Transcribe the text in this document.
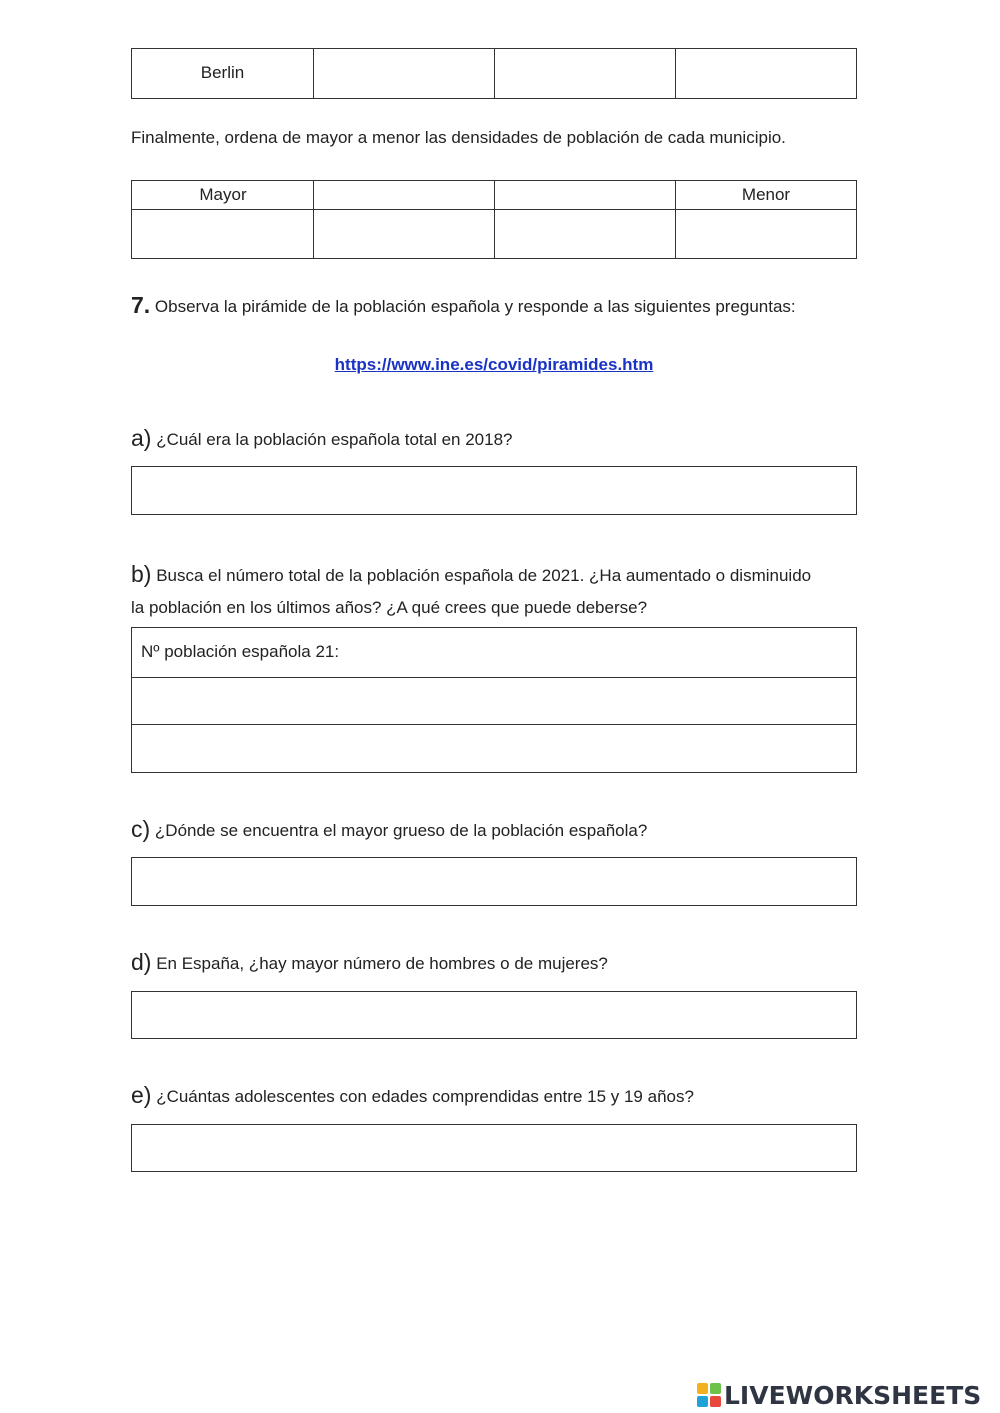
Berlin
Finalmente, ordena de mayor a menor las densidades de población de cada municipio.
Mayor	Menor
7. Observa la pirámide de la población española y responde a las siguientes preguntas:
https://www.ine.es/covid/piramides.htm
a) ¿Cuál era la población española total en 2018?
b) Busca el número total de la población española de 2021. ¿Ha aumentado o disminuido
la población en los últimos años? ¿A qué crees que puede deberse?
Nº población española 21:
c) ¿Dónde se encuentra el mayor grueso de la población española?
d) En España, ¿hay mayor número de hombres o de mujeres?
e) ¿Cuántas adolescentes con edades comprendidas entre 15 y 19 años?
LIVEWORKSHEETS
